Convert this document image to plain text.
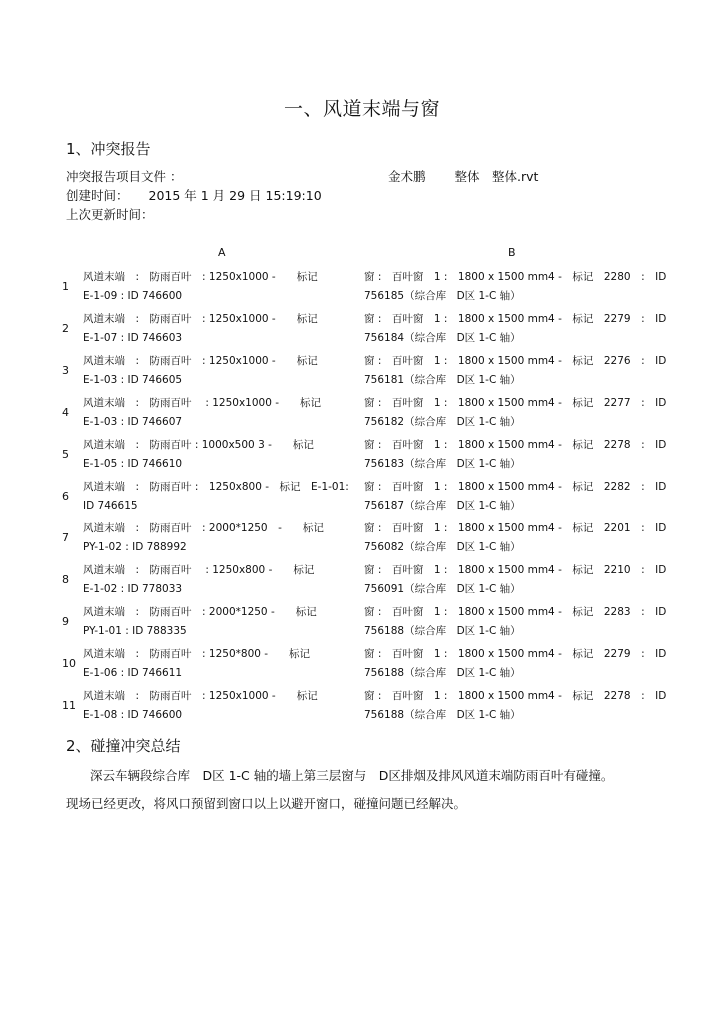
一、风道末端与窗
1、冲突报告
冲突报告项目文件 ：	金术鹏　　 整体　整体.rvt
创建时间： 2015 年 1 月 29 日 15:19:10
上次更新时间：
A	B
1
风道末端　:　防雨百叶　: 1250x1000 -　　标记
E-1-09 : ID 746600
窗 :　百叶窗　1 :　1800 x 1500 mm4 -　标记　2280　:　ID
756185（综合库　D区 1-C 轴）
2
风道末端　:　防雨百叶　: 1250x1000 -　　标记
E-1-07 : ID 746603
窗 :　百叶窗　1 :　1800 x 1500 mm4 -　标记　2279　:　ID
756184（综合库　D区 1-C 轴）
3
风道末端　:　防雨百叶　: 1250x1000 -　　标记
E-1-03 : ID 746605
窗 :　百叶窗　1 :　1800 x 1500 mm4 -　标记　2276　:　ID
756181（综合库　D区 1-C 轴）
4
风道末端　:　防雨百叶　 : 1250x1000 -　　标记
E-1-03 : ID 746607
窗 :　百叶窗　1 :　1800 x 1500 mm4 -　标记　2277　:　ID
756182（综合库　D区 1-C 轴）
5
风道末端　:　防雨百叶 : 1000x500 3 -　　标记
E-1-05 : ID 746610
窗 :　百叶窗　1 :　1800 x 1500 mm4 -　标记　2278　:　ID
756183（综合库　D区 1-C 轴）
6
风道末端　:　防雨百叶 :　1250x800 -　标记　E-1-01:
ID 746615
窗 :　百叶窗　1 :　1800 x 1500 mm4 -　标记　2282　:　ID
756187（综合库　D区 1-C 轴）
7
风道末端　:　防雨百叶　: 2000*1250　-　　标记
PY-1-02 : ID 788992
窗 :　百叶窗　1 :　1800 x 1500 mm4 -　标记　2201　:　ID
756082（综合库　D区 1-C 轴）
8
风道末端　:　防雨百叶　 : 1250x800 -　　标记
E-1-02 : ID 778033
窗 :　百叶窗　1 :　1800 x 1500 mm4 -　标记　2210　:　ID
756091（综合库　D区 1-C 轴）
9
风道末端　:　防雨百叶　: 2000*1250 -　　标记
PY-1-01 : ID 788335
窗 :　百叶窗　1 :　1800 x 1500 mm4 -　标记　2283　:　ID
756188（综合库　D区 1-C 轴）
10
风道末端　:　防雨百叶　: 1250*800 -　　标记
E-1-06 : ID 746611
窗 :　百叶窗　1 :　1800 x 1500 mm4 -　标记　2279　:　ID
756188（综合库　D区 1-C 轴）
11
风道末端　:　防雨百叶　: 1250x1000 -　　标记
E-1-08 : ID 746600
窗 :　百叶窗　1 :　1800 x 1500 mm4 -　标记　2278　:　ID
756188（综合库　D区 1-C 轴）
2、碰撞冲突总结
深云车辆段综合库　D区 1-C 轴的墙上第三层窗与　D区排烟及排风风道末端防雨百叶有碰撞。
现场已经更改，将风口预留到窗口以上以避开窗口，碰撞问题已经解决。
